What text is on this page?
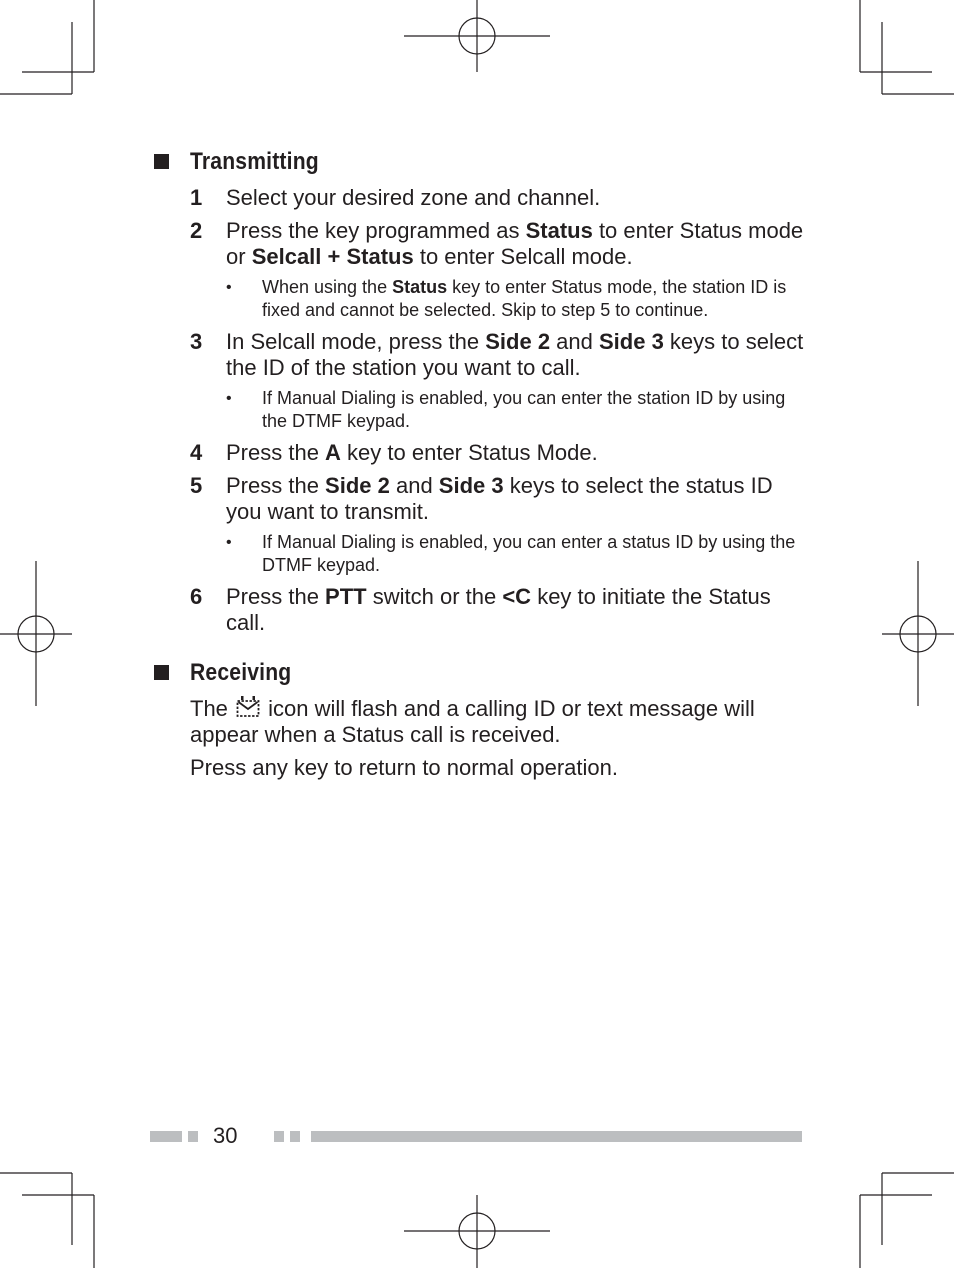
Transmitting
1	Select your desired zone and channel.
2	Press the key programmed as Status to enter Status mode or Selcall + Status to enter Selcall mode.
• When using the Status key to enter Status mode, the station ID is fixed and cannot be selected. Skip to step 5 to continue.
3	In Selcall mode, press the Side 2 and Side 3 keys to select the ID of the station you want to call.
• If Manual Dialing is enabled, you can enter the station ID by using the DTMF keypad.
4	Press the A key to enter Status Mode.
5	Press the Side 2 and Side 3 keys to select the status ID you want to transmit.
• If Manual Dialing is enabled, you can enter a status ID by using the DTMF keypad.
6	Press the PTT switch or the <C key to initiate the Status call.
Receiving
The  icon will flash and a calling ID or text message will appear when a Status call is received.
Press any key to return to normal operation.
30
